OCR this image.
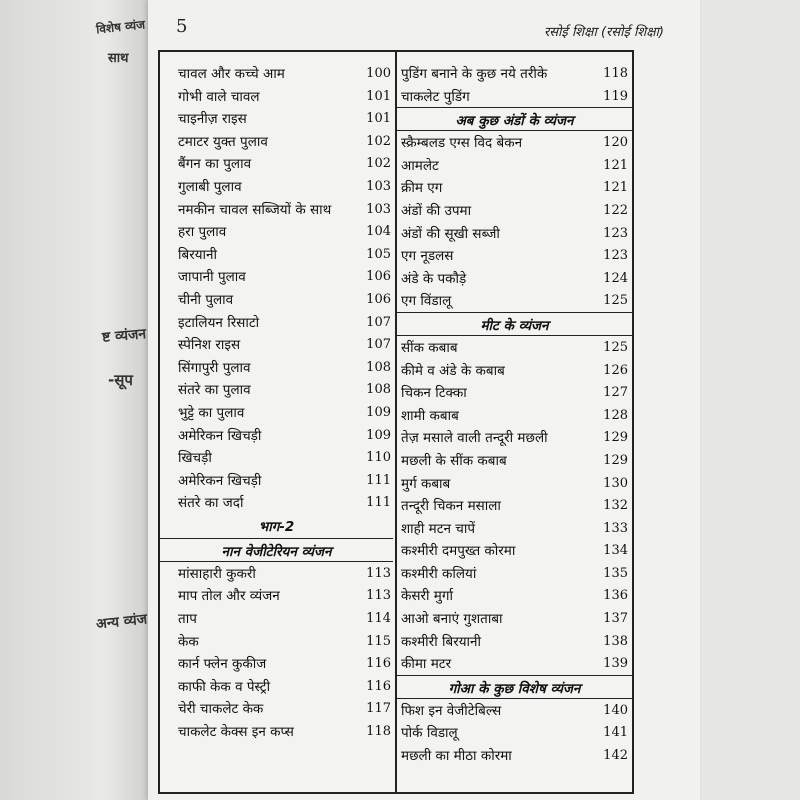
विशेष व्यंज
साथ
ष्ट व्यंजन
-सूप
अन्य व्यंज
5	रसोई शिक्षा (रसोई शिक्षा)
चावल और कच्चे आम	100
गोभी वाले चावल	101
चाइनीज़ राइस	101
टमाटर युक्त पुलाव	102
बैंगन का पुलाव	102
गुलाबी पुलाव	103
नमकीन चावल सब्जियों के साथ	103
हरा पुलाव	104
बिरयानी	105
जापानी पुलाव	106
चीनी पुलाव	106
इटालियन रिसाटो	107
स्पेनिश राइस	107
सिंगापुरी पुलाव	108
संतरे का पुलाव	108
भुट्टे का पुलाव	109
अमेरिकन खिचड़ी	109
खिचड़ी	110
अमेरिकन खिचड़ी	111
संतरे का जर्दा	111
भाग-2
नान वेजीटेरियन व्यंजन
मांसाहारी कुकरी	113
माप तोल और व्यंजन	113
ताप	114
केक	115
कार्न फ्लेन कुकीज	116
काफी केक व पेस्ट्री	116
चेरी चाकलेट केक	117
चाकलेट केक्स इन कप्स	118
पुडिंग बनाने के कुछ नये तरीके	118
चाकलेट पुडिंग	119
अब कुछ अंडों के व्यंजन
स्क्रैम्बलड एग्स विद बेकन	120
आमलेट	121
क्रीम एग	121
अंडों की उपमा	122
अंडों की सूखी सब्जी	123
एग नूडलस	123
अंडे के पकौड़े	124
एग विंडालू	125
मीट के व्यंजन
सींक कबाब	125
कीमे व अंडे के कबाब	126
चिकन टिक्का	127
शामी कबाब	128
तेज़ मसाले वाली तन्दूरी मछली	129
मछली के सींक कबाब	129
मुर्ग कबाब	130
तन्दूरी चिकन मसाला	132
शाही मटन चापें	133
कश्मीरी दमपुख्त कोरमा	134
कश्मीरी कलियां	135
केसरी मुर्गा	136
आओ बनाएं गुशताबा	137
कश्मीरी बिरयानी	138
कीमा मटर	139
गोआ के कुछ विशेष व्यंजन
फिश इन वेजीटेबिल्स	140
पोर्क विडालू	141
मछली का मीठा कोरमा	142
